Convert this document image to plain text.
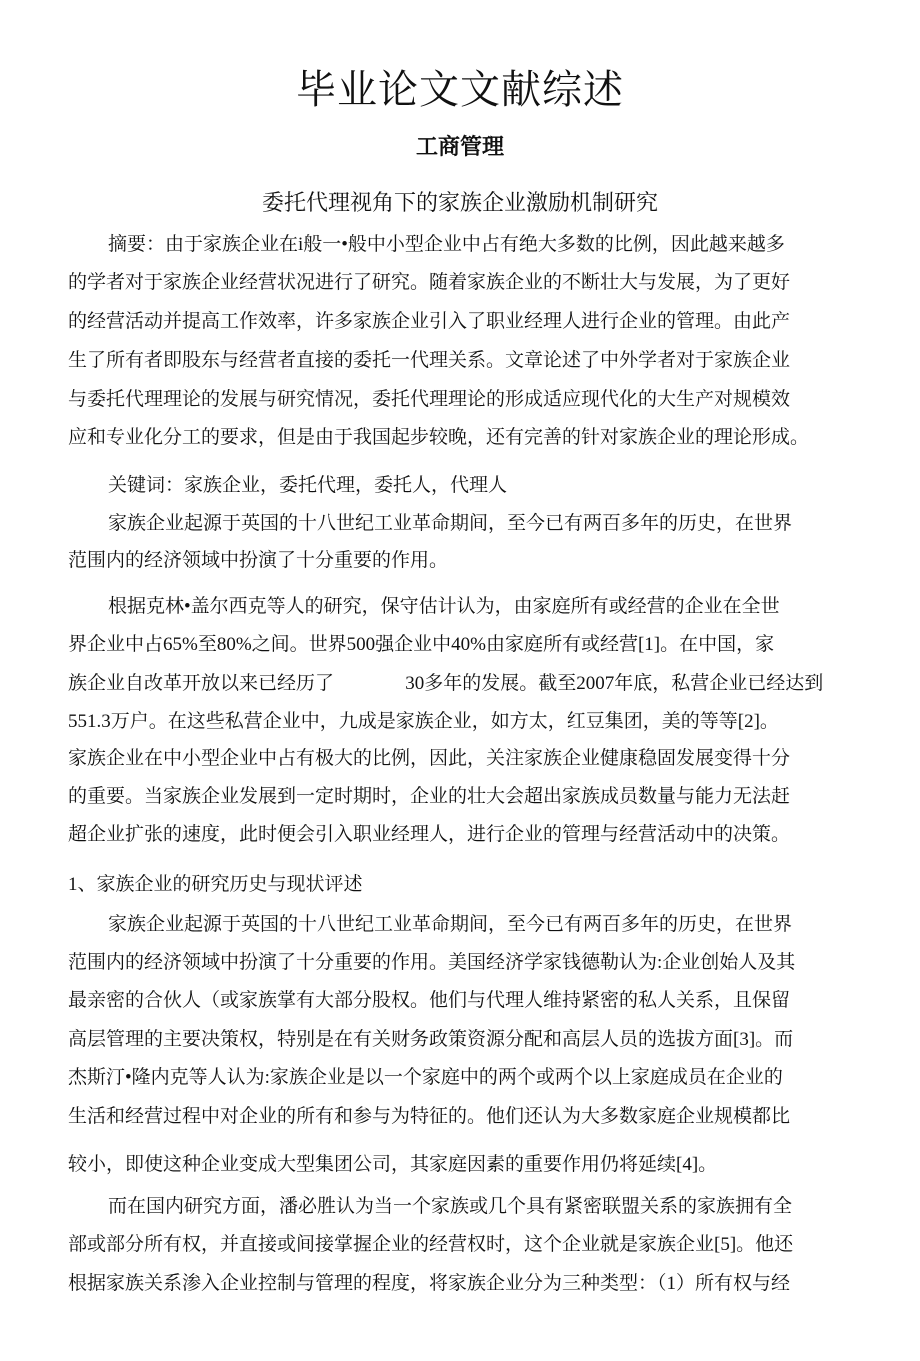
毕业论文文献综述
工商管理
委托代理视角下的家族企业激励机制研究
摘要：由于家族企业在i般一•般中小型企业中占有绝大多数的比例，因此越来越多
的学者对于家族企业经营状况进行了研究。随着家族企业的不断壮大与发展，为了更好
的经营活动并提高工作效率，许多家族企业引入了职业经理人进行企业的管理。由此产
生了所有者即股东与经营者直接的委托一代理关系。文章论述了中外学者对于家族企业
与委托代理理论的发展与研究情况，委托代理理论的形成适应现代化的大生产对规模效
应和专业化分工的要求，但是由于我国起步较晚，还有完善的针对家族企业的理论形成。
关键词：家族企业，委托代理，委托人，代理人
家族企业起源于英国的十八世纪工业革命期间，至今已有两百多年的历史，在世界
范围内的经济领域中扮演了十分重要的作用。
根据克林•盖尔西克等人的研究，保守估计认为，由家庭所有或经营的企业在全世
界企业中占65%至80%之间。世界500强企业中40%由家庭所有或经营[1]。在中国，家
族企业自改革开放以来已经历了               30多年的发展。截至2007年底，私营企业已经达到
551.3万户。在这些私营企业中，九成是家族企业，如方太，红豆集团，美的等等[2]。
家族企业在中小型企业中占有极大的比例，因此，关注家族企业健康稳固发展变得十分
的重要。当家族企业发展到一定时期时，企业的壮大会超出家族成员数量与能力无法赶
超企业扩张的速度，此时便会引入职业经理人，进行企业的管理与经营活动中的决策。
1、家族企业的研究历史与现状评述
家族企业起源于英国的十八世纪工业革命期间，至今已有两百多年的历史，在世界
范围内的经济领域中扮演了十分重要的作用。美国经济学家钱德勒认为:企业创始人及其
最亲密的合伙人（或家族掌有大部分股权。他们与代理人维持紧密的私人关系，且保留
高层管理的主要决策权，特别是在有关财务政策资源分配和高层人员的选拔方面[3]。而
杰斯汀•隆内克等人认为:家族企业是以一个家庭中的两个或两个以上家庭成员在企业的
生活和经营过程中对企业的所有和参与为特征的。他们还认为大多数家庭企业规模都比
较小，即使这种企业变成大型集团公司，其家庭因素的重要作用仍将延续[4]。
而在国内研究方面，潘必胜认为当一个家族或几个具有紧密联盟关系的家族拥有全
部或部分所有权，并直接或间接掌握企业的经营权时，这个企业就是家族企业[5]。他还
根据家族关系渗入企业控制与管理的程度，将家族企业分为三种类型：（1）所有权与经
